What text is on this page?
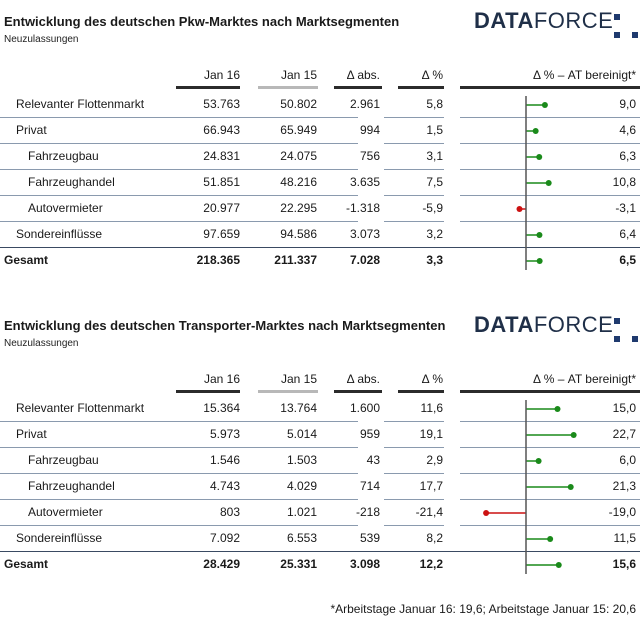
Entwicklung des deutschen Pkw-Marktes nach Marktsegmenten
Neuzulassungen
DATAFORCE
Jan 16	Jan 15 Δ abs.	Δ %	Δ % – AT bereinigt*
Relevanter Flottenmarkt	53.763	50.802	2.961	5,8	9,0
Privat	66.943	65.949	994	1,5	4,6
Fahrzeugbau	24.831	24.075	756	3,1	6,3
Fahrzeughandel	51.851	48.216	3.635	7,5	10,8
Autovermieter	20.977	22.295 -1.318	-5,9	-3,1
Sondereinflüsse	97.659	94.586	3.073	3,2	6,4
Gesamt	218.365	211.337	7.028	3,3	6,5
Entwicklung des deutschen Transporter-Marktes nach Marktsegmenten
Neuzulassungen
DATAFORCE
Jan 16	Jan 15 Δ abs.	Δ %	Δ % – AT bereinigt*
Relevanter Flottenmarkt	15.364	13.764	1.600	11,6	15,0
Privat	5.973	5.014	959	19,1	22,7
Fahrzeugbau	1.546	1.503	43	2,9	6,0
Fahrzeughandel	4.743	4.029	714	17,7	21,3
Autovermieter	803	1.021	-218	-21,4	-19,0
Sondereinflüsse	7.092	6.553	539	8,2	11,5
Gesamt	28.429	25.331	3.098	12,2	15,6
*Arbeitstage Januar 16: 19,6; Arbeitstage Januar 15: 20,6
